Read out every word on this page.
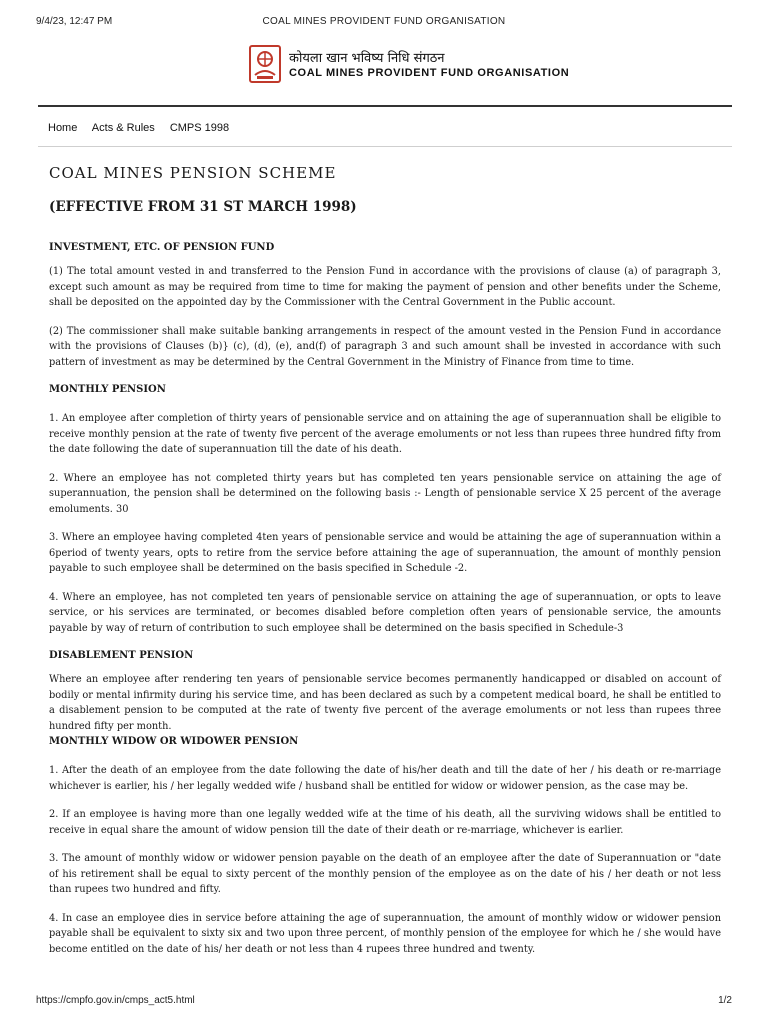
9/4/23, 12:47 PM	COAL MINES PROVIDENT FUND ORGANISATION
कोयला खान भविष्य निधि संगठन
COAL MINES PROVIDENT FUND ORGANISATION
Home Acts & Rules CMPS 1998
COAL MINES PENSION SCHEME
(EFFECTIVE FROM 31 ST MARCH 1998)
INVESTMENT, ETC. OF PENSION FUND

(1) The total amount vested in and transferred to the Pension Fund in accordance with the provisions of clause (a) of paragraph 3, except such amount as may be required from time to time for making the payment of pension and other benefits under the Scheme, shall be deposited on the appointed day by the Commissioner with the Central Government in the Public account.

(2) The commissioner shall make suitable banking arrangements in respect of the amount vested in the Pension Fund in accordance with the provisions of Clauses (b)} (c), (d), (e), and(f) of paragraph 3 and such amount shall be invested in accordance with such pattern of investment as may be determined by the Central Government in the Ministry of Finance from time to time.

MONTHLY PENSION

1. An employee after completion of thirty years of pensionable service and on attaining the age of superannuation shall be eligible to receive monthly pension at the rate of twenty five percent of the average emoluments or not less than rupees three hundred fifty from the date following the date of superannuation till the date of his death.

2. Where an employee has not completed thirty years but has completed ten years pensionable service on attaining the age of superannuation, the pension shall be determined on the following basis :- Length of pensionable service X 25 percent of the average emoluments. 30

3. Where an employee having completed 4ten years of pensionable service and would be attaining the age of superannuation within a 6period of twenty years, opts to retire from the service before attaining the age of superannuation, the amount of monthly pension payable to such employee shall be determined on the basis specified in Schedule -2.

4. Where an employee, has not completed ten years of pensionable service on attaining the age of superannuation, or opts to leave service, or his services are terminated, or becomes disabled before completion often years of pensionable service, the amounts payable by way of return of contribution to such employee shall be determined on the basis specified in Schedule-3

DISABLEMENT PENSION

Where an employee after rendering ten years of pensionable service becomes permanently handicapped or disabled on account of bodily or mental infirmity during his service time, and has been declared as such by a competent medical board, he shall be entitled to a disablement pension to be computed at the rate of twenty five percent of the average emoluments or not less than rupees three hundred fifty per month.

MONTHLY WIDOW OR WIDOWER PENSION

1. After the death of an employee from the date following the date of his/her death and till the date of her / his death or re-marriage whichever is earlier, his / her legally wedded wife / husband shall be entitled for widow or widower pension, as the case may be.

2. If an employee is having more than one legally wedded wife at the time of his death, all the surviving widows shall be entitled to receive in equal share the amount of widow pension till the date of their death or re-marriage, whichever is earlier.

3. The amount of monthly widow or widower pension payable on the death of an employee after the date of Superannuation or "date of his retirement shall be equal to sixty percent of the monthly pension of the employee as on the date of his / her death or not less than rupees two hundred and fifty.

4. In case an employee dies in service before attaining the age of superannuation, the amount of monthly widow or widower pension payable shall be equivalent to sixty six and two upon three percent, of monthly pension of the employee for which he / she would have become entitled on the date of his/ her death or not less than 4 rupees three hundred and twenty.

https://cmpfo.gov.in/cmps_act5.html	1/2
